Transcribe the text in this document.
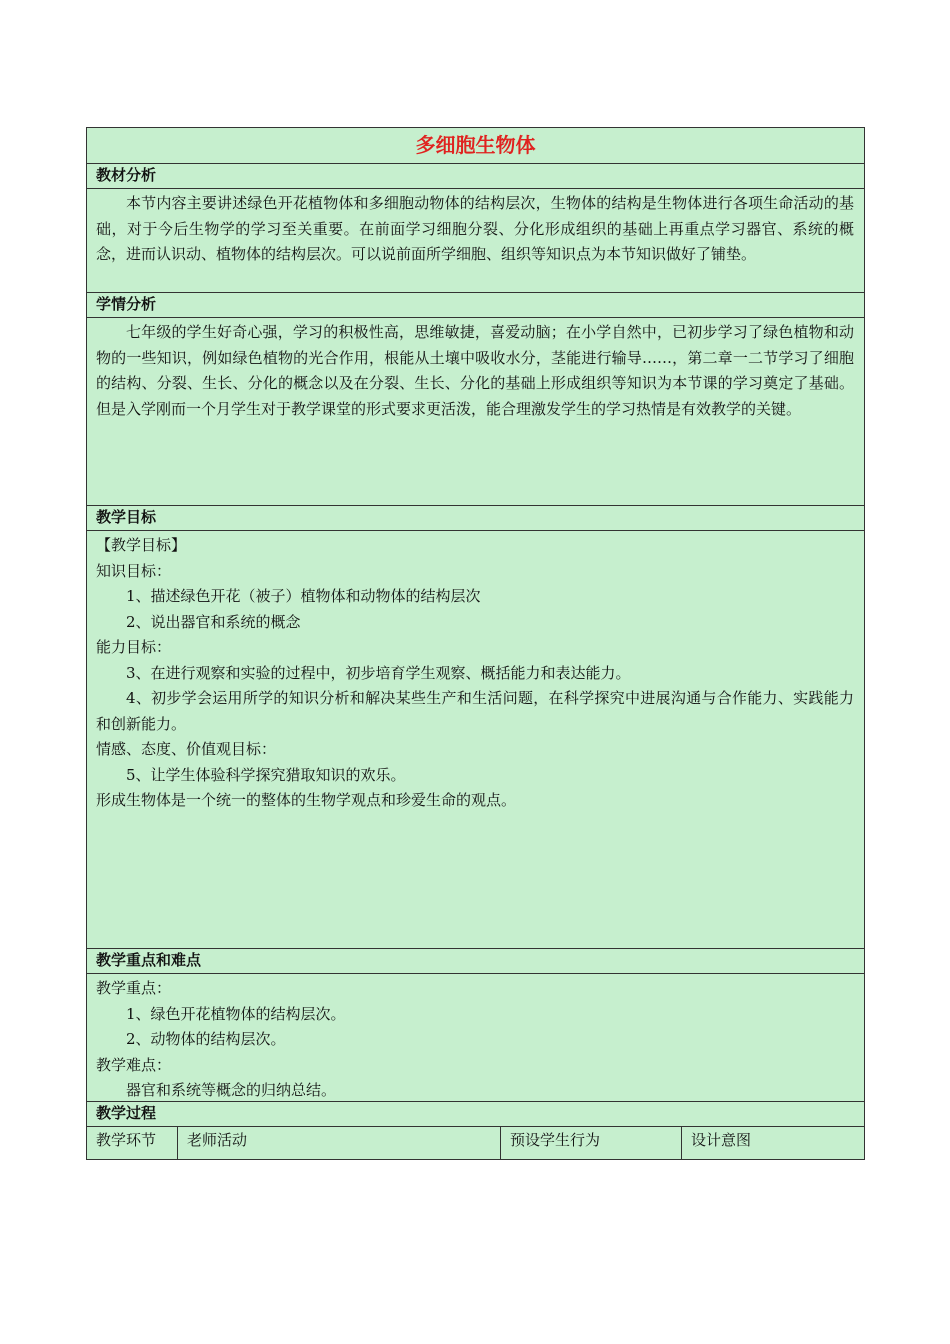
多细胞生物体
教材分析

本节内容主要讲述绿色开花植物体和多细胞动物体的结构层次，生物体的结构是生物体进行各项生命活动的基础，对于今后生物学的学习至关重要。在前面学习细胞分裂、分化形成组织的基础上再重点学习器官、系统的概念，进而认识动、植物体的结构层次。可以说前面所学细胞、组织等知识点为本节知识做好了铺垫。

学情分析

七年级的学生好奇心强，学习的积极性高，思维敏捷，喜爱动脑；在小学自然中，已初步学习了绿色植物和动物的一些知识，例如绿色植物的光合作用，根能从土壤中吸收水分，茎能进行输导……，第二章一二节学习了细胞的结构、分裂、生长、分化的概念以及在分裂、生长、分化的基础上形成组织等知识为本节课的学习奠定了基础。 但是入学刚而一个月学生对于教学课堂的形式要求更活泼，能合理激发学生的学习热情是有效教学的关键。

教学目标

【教学目标】

知识目标：

1、描述绿色开花（被子）植物体和动物体的结构层次

2、说出器官和系统的概念

能力目标：

3、在进行观察和实验的过程中，初步培育学生观察、概括能力和表达能力。

4、初步学会运用所学的知识分析和解决某些生产和生活问题，在科学探究中进展沟通与合作能力、实践能力和创新能力。

情感、态度、价值观目标：

5、让学生体验科学探究猎取知识的欢乐。

形成生物体是一个统一的整体的生物学观点和珍爱生命的观点。

教学重点和难点

教学重点：

1、绿色开花植物体的结构层次。

2、动物体的结构层次。

教学难点：

器官和系统等概念的归纳总结。

教学过程
教学环节	老师活动	预设学生行为	设计意图
